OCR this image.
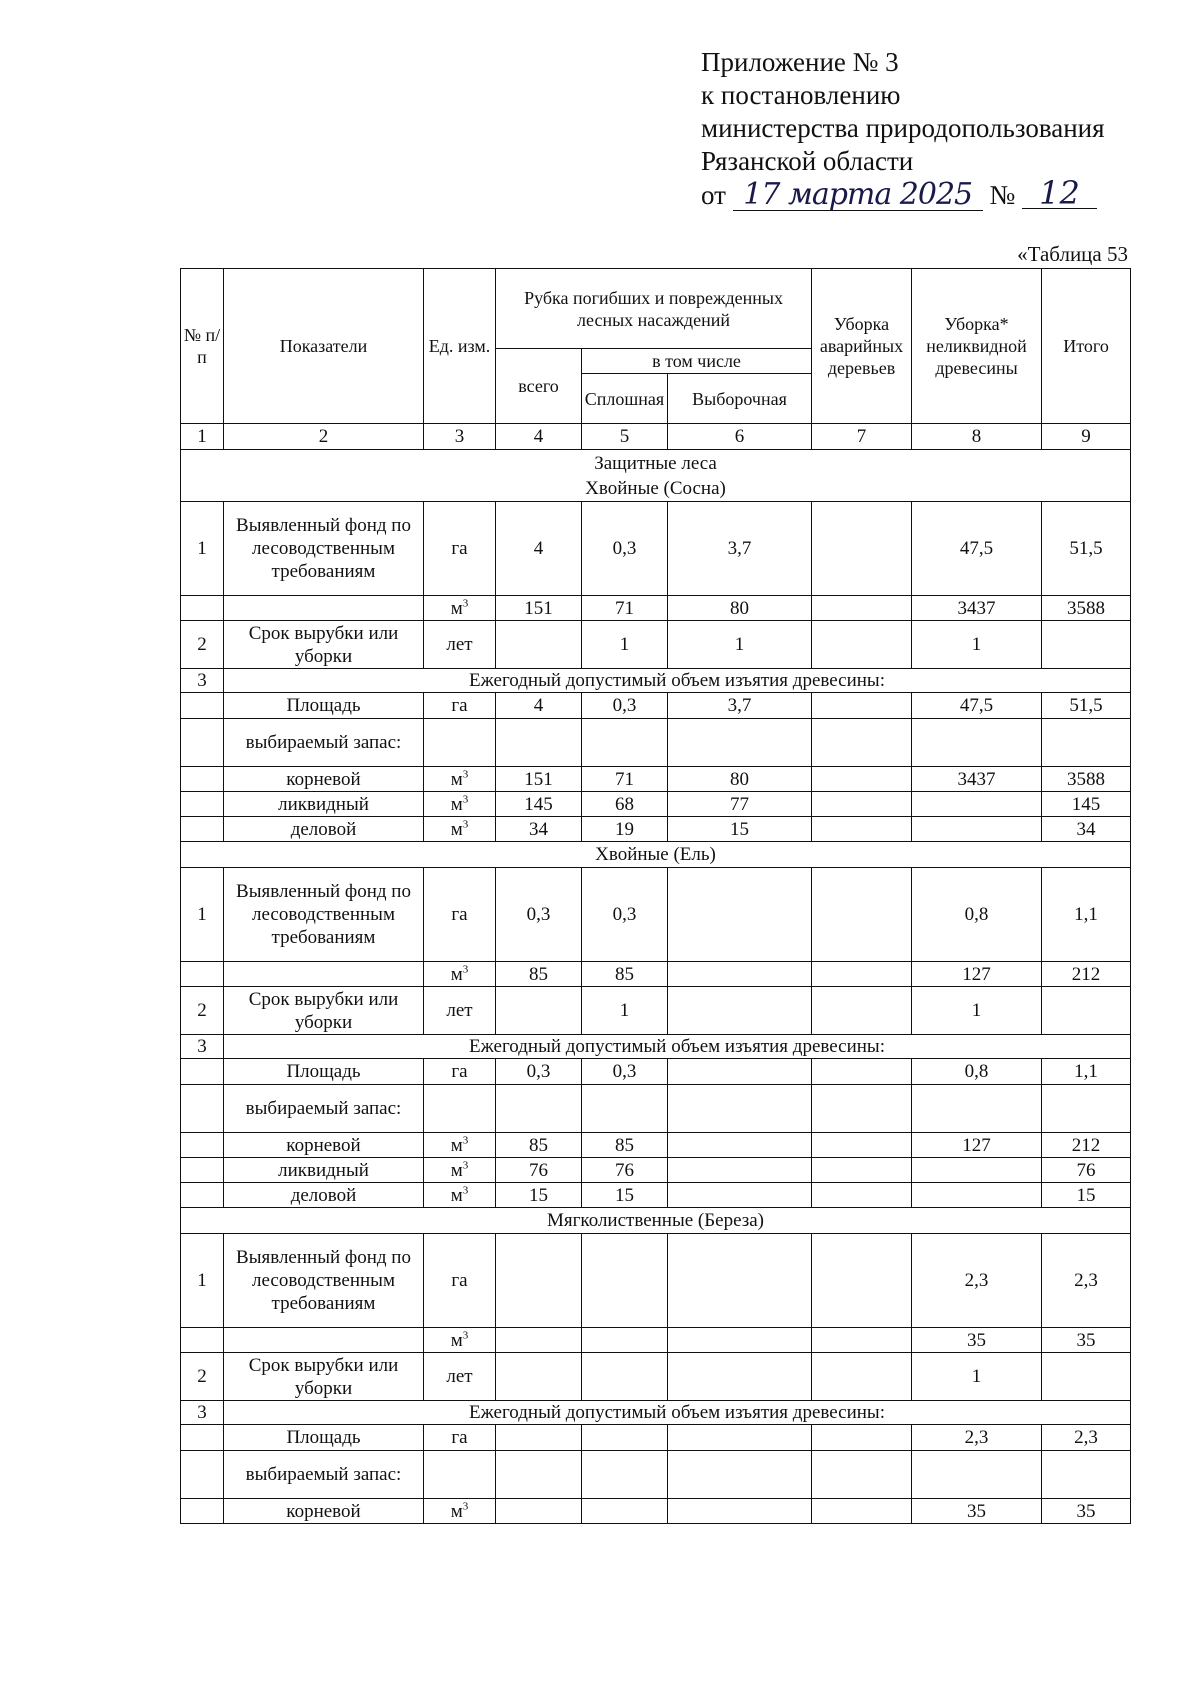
Приложение № 3
к постановлению
министерства природопользования
Рязанской области
от 17 марта 2025 № 12
«Таблица 53
№ п/п	Показатели	Ед. изм.	Рубка погибших и поврежденных лесных насаждений			Уборка аварийных деревьев	Уборка* неликвидной древесины	Итого
			всего	в том числе				
				Сплошная	Выборочная			
1	2	3	4	5	6	7	8	9

Защитные леса
Хвойные (Сосна)								

1	Выявленный фонд по лесоводственным требованиям	га	4	0,3	3,7		47,5	51,5
		$м^3$	151	71	80		3437	3588
2	Срок вырубки или уборки	лет		1	1		1	
3	Ежегодный допустимый объем изъятия древесины:							
	Площадь	га	4	0,3	3,7		47,5	51,5
	выбираемый запас:							
	корневой	$м^3$	151	71	80		3437	3588
	ликвидный	$м^3$	145	68	77			145
	деловой	$м^3$	34	19	15			34
Хвойные (Ель)								
1	Выявленный фонд по лесоводственным требованиям	га	0,3	0,3			0,8	1,1
		$м^3$	85	85			127	212
2	Срок вырубки или уборки	лет		1			1	
3	Ежегодный допустимый объем изъятия древесины:							
	Площадь	га	0,3	0,3			0,8	1,1
	выбираемый запас:							
	корневой	$м^3$	85	85			127	212
	ликвидный	$м^3$	76	76				76
	деловой	$м^3$	15	15				15
Мягколиственные (Береза)								
1	Выявленный фонд по лесоводственным требованиям	га					2,3	2,3
		$м^3$					35	35
2	Срок вырубки или уборки	лет					1	
3	Ежегодный допустимый объем изъятия древесины:							
	Площадь	га					2,3	2,3
	выбираемый запас:							
	корневой	$м^3$					35	35
